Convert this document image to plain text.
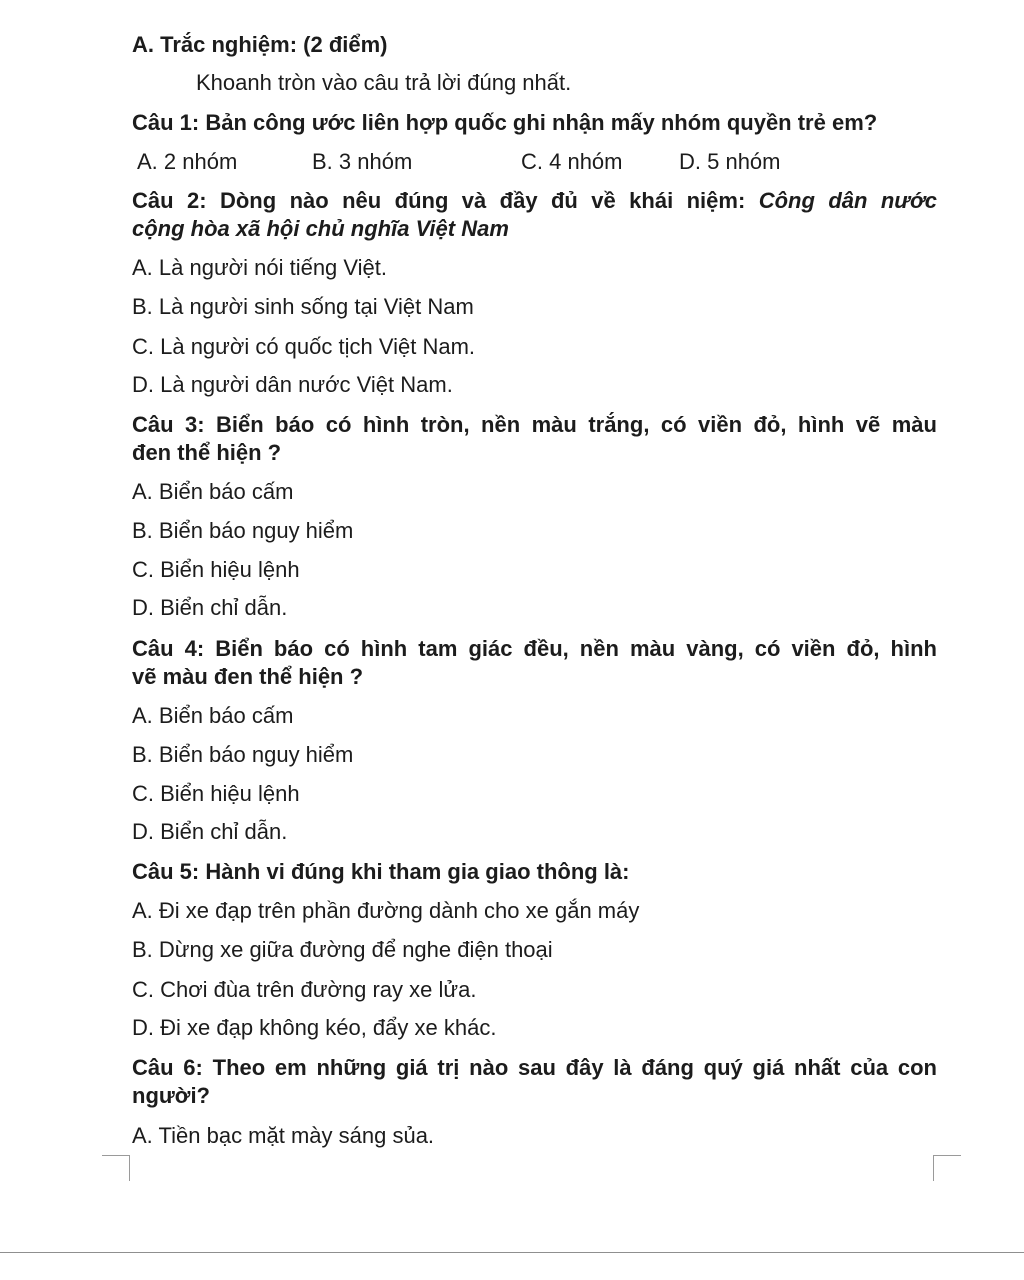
A. Trắc nghiệm: (2 điểm)

Khoanh tròn vào câu trả lời đúng nhất.

Câu 1: Bản công ước liên hợp quốc ghi nhận mấy nhóm quyền trẻ em?

A. 2 nhóm	B. 3 nhóm	C. 4 nhóm	D. 5 nhóm

Câu 2: Dòng nào nêu đúng và đầy đủ về khái niệm: Công dân nước

cộng hòa xã hội chủ nghĩa Việt Nam

A. Là người nói tiếng Việt.

B. Là người sinh sống tại Việt Nam

C. Là người có quốc tịch Việt Nam.

D. Là người dân nước Việt Nam.

Câu 3: Biển báo có hình tròn, nền màu trắng, có viền đỏ, hình vẽ màu

đen thể hiện ?

A. Biển báo cấm

B. Biển báo nguy hiểm

C. Biển hiệu lệnh

D. Biển chỉ dẫn.

Câu 4: Biển báo có hình tam giác đều, nền màu vàng, có viền đỏ, hình

vẽ màu đen thể hiện ?

A. Biển báo cấm

B. Biển báo nguy hiểm

C. Biển hiệu lệnh

D. Biển chỉ dẫn.

Câu 5: Hành vi đúng khi tham gia giao thông là:

A. Đi xe đạp trên phần đường dành cho xe gắn máy

B. Dừng xe giữa đường để nghe điện thoại

C. Chơi đùa trên đường ray xe lửa.

D. Đi xe đạp không kéo, đẩy xe khác.

Câu 6: Theo em những giá trị nào sau đây là đáng quý giá nhất của con

người?

A. Tiền bạc mặt mày sáng sủa.
